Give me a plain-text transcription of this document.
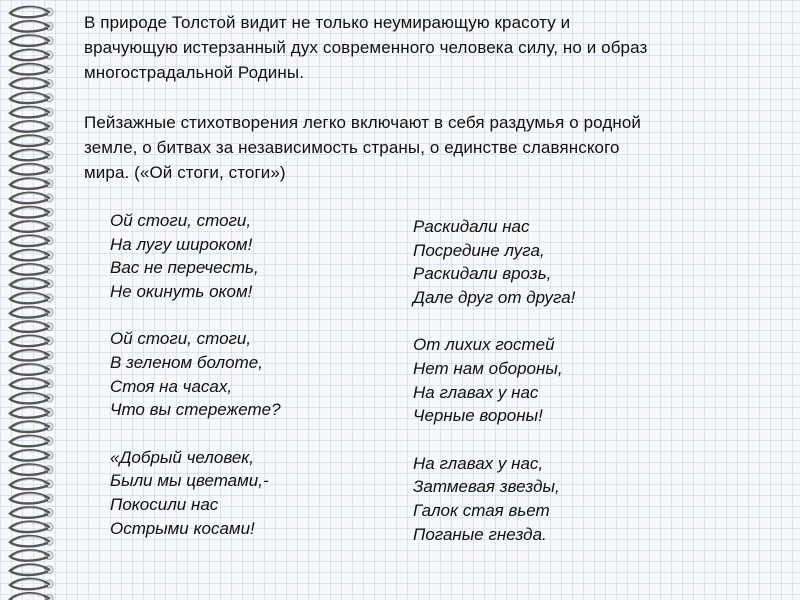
В природе Толстой видит не только неумирающую красоту и
врачующую истерзанный дух современного человека силу, но и образ
многострадальной Родины.

Пейзажные стихотворения легко включают в себя раздумья о родной
земле, о битвах за независимость страны, о единстве славянского
мира. («Ой стоги, стоги»)

Ой стоги, стоги,
На лугу широком!
Вас не перечесть,
Не окинуть оком!
Ой стоги, стоги,
В зеленом болоте,
Стоя на часах,
Что вы стережете?
«Добрый человек,
Были мы цветами,-
Покосили нас
Острыми косами!
Раскидали нас
Посредине луга,
Раскидали врозь,
Дале друг от друга!
От лихих гостей
Нет нам обороны,
На главах у нас
Черные вороны!
На главах у нас,
Затмевая звезды,
Галок стая вьет
Поганые гнезда.
